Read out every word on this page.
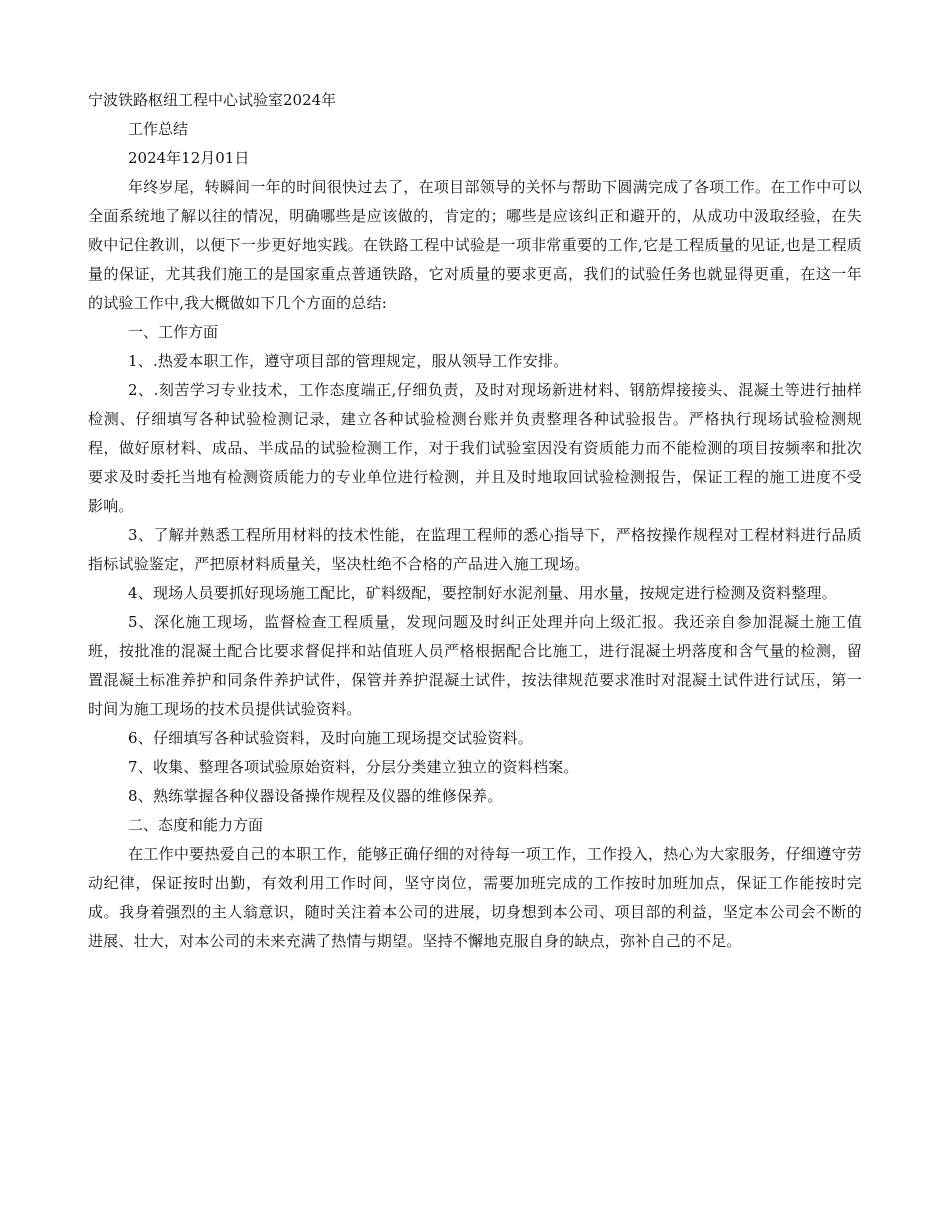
宁波铁路枢纽工程中心试验室2024年

工作总结

2024年12月01日

年终岁尾，转瞬间一年的时间很快过去了，在项目部领导的关怀与帮助下圆满完成了各项工作。在工作中可以全面系统地了解以往的情况，明确哪些是应该做的，肯定的；哪些是应该纠正和避开的，从成功中汲取经验，在失败中记住教训，以便下一步更好地实践。在铁路工程中试验是一项非常重要的工作,它是工程质量的见证,也是工程质量的保证，尤其我们施工的是国家重点普通铁路，它对质量的要求更高，我们的试验任务也就显得更重，在这一年的试验工作中,我大概做如下几个方面的总结:

一、工作方面

1、.热爱本职工作，遵守项目部的管理规定，服从领导工作安排。

2、.刻苦学习专业技术，工作态度端正,仔细负责，及时对现场新进材料、钢筋焊接接头、混凝土等进行抽样检测、仔细填写各种试验检测记录，建立各种试验检测台账并负责整理各种试验报告。严格执行现场试验检测规程，做好原材料、成品、半成品的试验检测工作，对于我们试验室因没有资质能力而不能检测的项目按频率和批次要求及时委托当地有检测资质能力的专业单位进行检测，并且及时地取回试验检测报告，保证工程的施工进度不受影响。

3、了解并熟悉工程所用材料的技术性能，在监理工程师的悉心指导下，严格按操作规程对工程材料进行品质指标试验鉴定，严把原材料质量关，坚决杜绝不合格的产品进入施工现场。

4、现场人员要抓好现场施工配比，矿料级配，要控制好水泥剂量、用水量，按规定进行检测及资料整理。

5、深化施工现场，监督检查工程质量，发现问题及时纠正处理并向上级汇报。我还亲自参加混凝土施工值班，按批准的混凝土配合比要求督促拌和站值班人员严格根据配合比施工，进行混凝土坍落度和含气量的检测，留置混凝土标准养护和同条件养护试件，保管并养护混凝土试件，按法律规范要求准时对混凝土试件进行试压，第一时间为施工现场的技术员提供试验资料。

6、仔细填写各种试验资料，及时向施工现场提交试验资料。

7、收集、整理各项试验原始资料，分层分类建立独立的资料档案。

8、熟练掌握各种仪器设备操作规程及仪器的维修保养。

二、态度和能力方面

在工作中要热爱自己的本职工作，能够正确仔细的对待每一项工作，工作投入，热心为大家服务，仔细遵守劳动纪律，保证按时出勤，有效利用工作时间，坚守岗位，需要加班完成的工作按时加班加点，保证工作能按时完成。我身着强烈的主人翁意识，随时关注着本公司的进展，切身想到本公司、项目部的利益，坚定本公司会不断的进展、壮大，对本公司的未来充满了热情与期望。坚持不懈地克服自身的缺点，弥补自己的不足。
